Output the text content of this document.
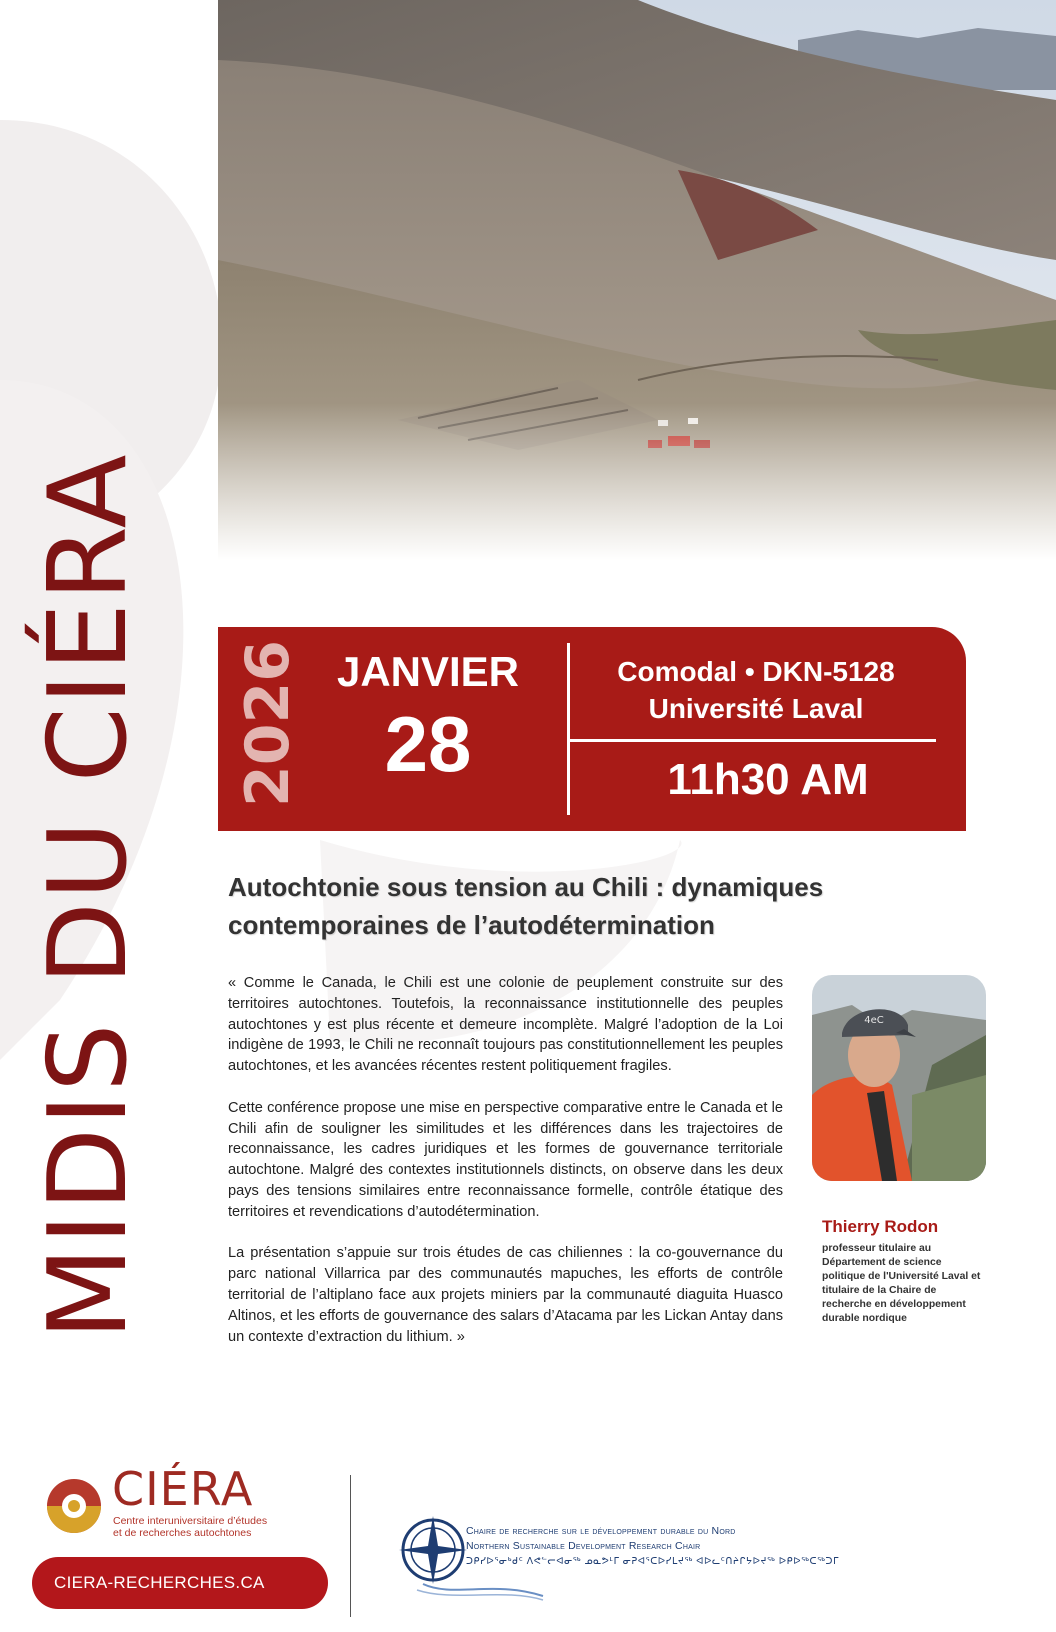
MIDIS DU CIÉRA 2026 JANVIER
28
Comodal • DKN-5128
Université Laval
11h30 AM
Autochtonie sous tension au Chili : dynamiques
contemporaines de l’autodétermination

« Comme le Canada, le Chili est une colonie de peuplement construite sur des territoires autochtones. Toutefois, la reconnaissance institutionnelle des peuples autochtones y est plus récente et demeure incomplète. Malgré l’adoption de la Loi indigène de 1993, le Chili ne reconnaît toujours pas constitutionnellement les peuples autochtones, et les avancées récentes restent politiquement fragiles.

Cette conférence propose une mise en perspective comparative entre le Canada et le Chili afin de souligner les similitudes et les différences dans les trajectoires de reconnaissance, les cadres juridiques et les formes de gouvernance territoriale autochtone. Malgré des contextes institutionnels distincts, on observe dans les deux pays des tensions similaires entre reconnaissance formelle, contrôle étatique des territoires et revendications d’autodétermination.

La présentation s’appuie sur trois études de cas chiliennes : la co-gouvernance du parc national Villarrica par des communautés mapuches, les efforts de contrôle territorial de l’altiplano face aux projets miniers par la communauté diaguita Huasco Altinos, et les efforts de gouvernance des salars d’Atacama par les Lickan Antay dans un contexte d’extraction du lithium. »

4eC
Thierry Rodon
professeur titulaire au Département de science politique de l'Université Laval et titulaire de la Chaire de recherche en développement durable nordique
CIÉRA
Centre interuniversitaire d’études
et de recherches autochtones
CIERA-RECHERCHES.CA
Chaire de recherche sur le développement durable du Nord
Northern Sustainable Development Research Chair
ᑐᑭᓯᐅᕐᓂᒃᑯᑦ ᐱᕙᓪᓕᐊᓂᖅ ᓄᓇᕗᒻᒥ ᓂᕈᐊᕐᑕᐅᓯᒪᔪᖅ ᐊᐅᓚᑦᑎᔨᒋᔭᐅᔪᖅ ᐅᑭᐅᖅᑕᖅᑐᒥ
